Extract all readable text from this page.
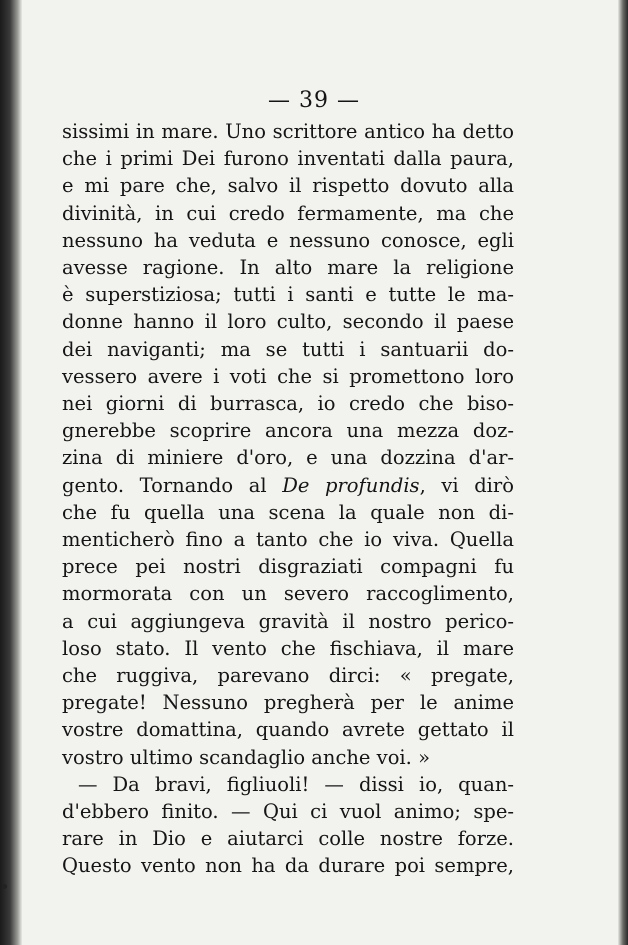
— 39 —
sissimi in mare. Uno scrittore antico ha detto
che i primi Dei furono inventati dalla paura,
e mi pare che, salvo il rispetto dovuto alla
divinità, in cui credo fermamente, ma che
nessuno ha veduta e nessuno conosce, egli
avesse ragione. In alto mare la religione
è superstiziosa; tutti i santi e tutte le ma-
donne hanno il loro culto, secondo il paese
dei naviganti; ma se tutti i santuarii do-
vessero avere i voti che si promettono loro
nei giorni di burrasca, io credo che biso-
gnerebbe scoprire ancora una mezza doz-
zina di miniere d'oro, e una dozzina d'ar-
gento. Tornando al De profundis, vi dirò
che fu quella una scena la quale non di-
menticherò fino a tanto che io viva. Quella
prece pei nostri disgraziati compagni fu
mormorata con un severo raccoglimento,
a cui aggiungeva gravità il nostro perico-
loso stato. Il vento che fischiava, il mare
che ruggiva, parevano dirci: « pregate,
pregate! Nessuno pregherà per le anime
vostre domattina, quando avrete gettato il
vostro ultimo scandaglio anche voi. »
— Da bravi, figliuoli! — dissi io, quan-
d'ebbero finito. — Qui ci vuol animo; spe-
rare in Dio e aiutarci colle nostre forze.
Questo vento non ha da durare poi sempre,
